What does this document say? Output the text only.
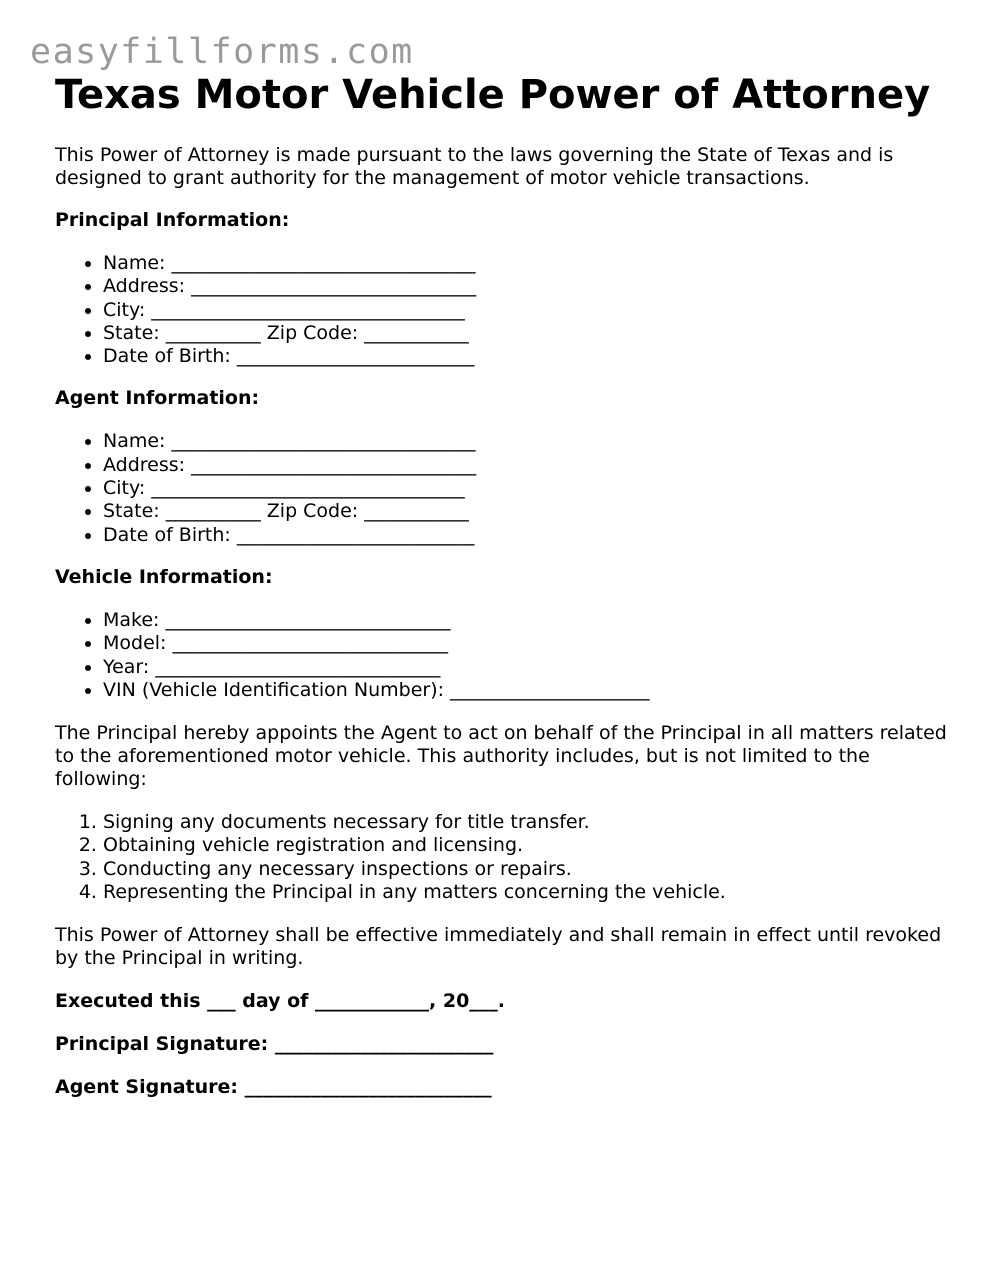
easyfillforms.com
Texas Motor Vehicle Power of Attorney

This Power of Attorney is made pursuant to the laws governing the State of Texas and is designed to grant authority for the management of motor vehicle transactions.

Principal Information:

• Name: ________________________________
• Address: ______________________________
• City: _________________________________
• State: __________ Zip Code: ___________
• Date of Birth: _________________________

Agent Information:

• Name: ________________________________
• Address: ______________________________
• City: _________________________________
• State: __________ Zip Code: ___________
• Date of Birth: _________________________

Vehicle Information:

• Make: ______________________________
• Model: _____________________________
• Year: ______________________________
• VIN (Vehicle Identification Number): _____________________

The Principal hereby appoints the Agent to act on behalf of the Principal in all matters related to the aforementioned motor vehicle. This authority includes, but is not limited to the following:

1. Signing any documents necessary for title transfer.
2. Obtaining vehicle registration and licensing.
3. Conducting any necessary inspections or repairs.
4. Representing the Principal in any matters concerning the vehicle.

This Power of Attorney shall be effective immediately and shall remain in effect until revoked by the Principal in writing.

Executed this ___ day of ____________, 20___.

Principal Signature: _______________________

Agent Signature: __________________________
